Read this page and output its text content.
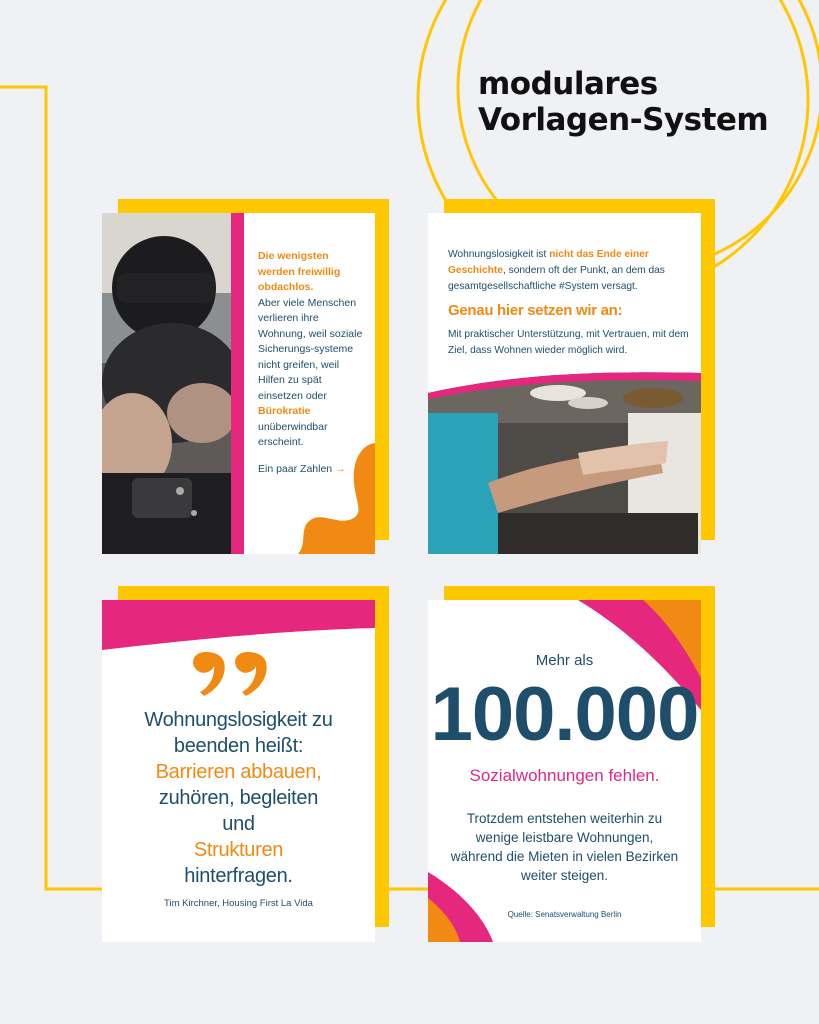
modulares
Vorlagen-System
Die wenigsten werden freiwillig obdachlos.
Aber viele Menschen verlieren ihre Wohnung, weil soziale Sicherungs-systeme nicht greifen, weil Hilfen zu spät einsetzen oder Bürokratie unüberwindbar erscheint.
Ein paar Zahlen →
Wohnungslosigkeit ist nicht das Ende einer Geschichte, sondern oft der Punkt, an dem das gesamtgesellschaftliche #System versagt.
Genau hier setzen wir an:
Mit praktischer Unterstützung, mit Vertrauen, mit dem Ziel, dass Wohnen wieder möglich wird.
Wohnungslosigkeit zu
beenden heißt:
Barrieren abbauen,
zuhören, begleiten
und
Strukturen
hinterfragen.
Tim Kirchner, Housing First La Vida
Mehr als
100.000
Sozialwohnungen fehlen.
Trotzdem entstehen weiterhin zu wenige leistbare Wohnungen, während die Mieten in vielen Bezirken weiter steigen.
Quelle: Senatsverwaltung Berlin
